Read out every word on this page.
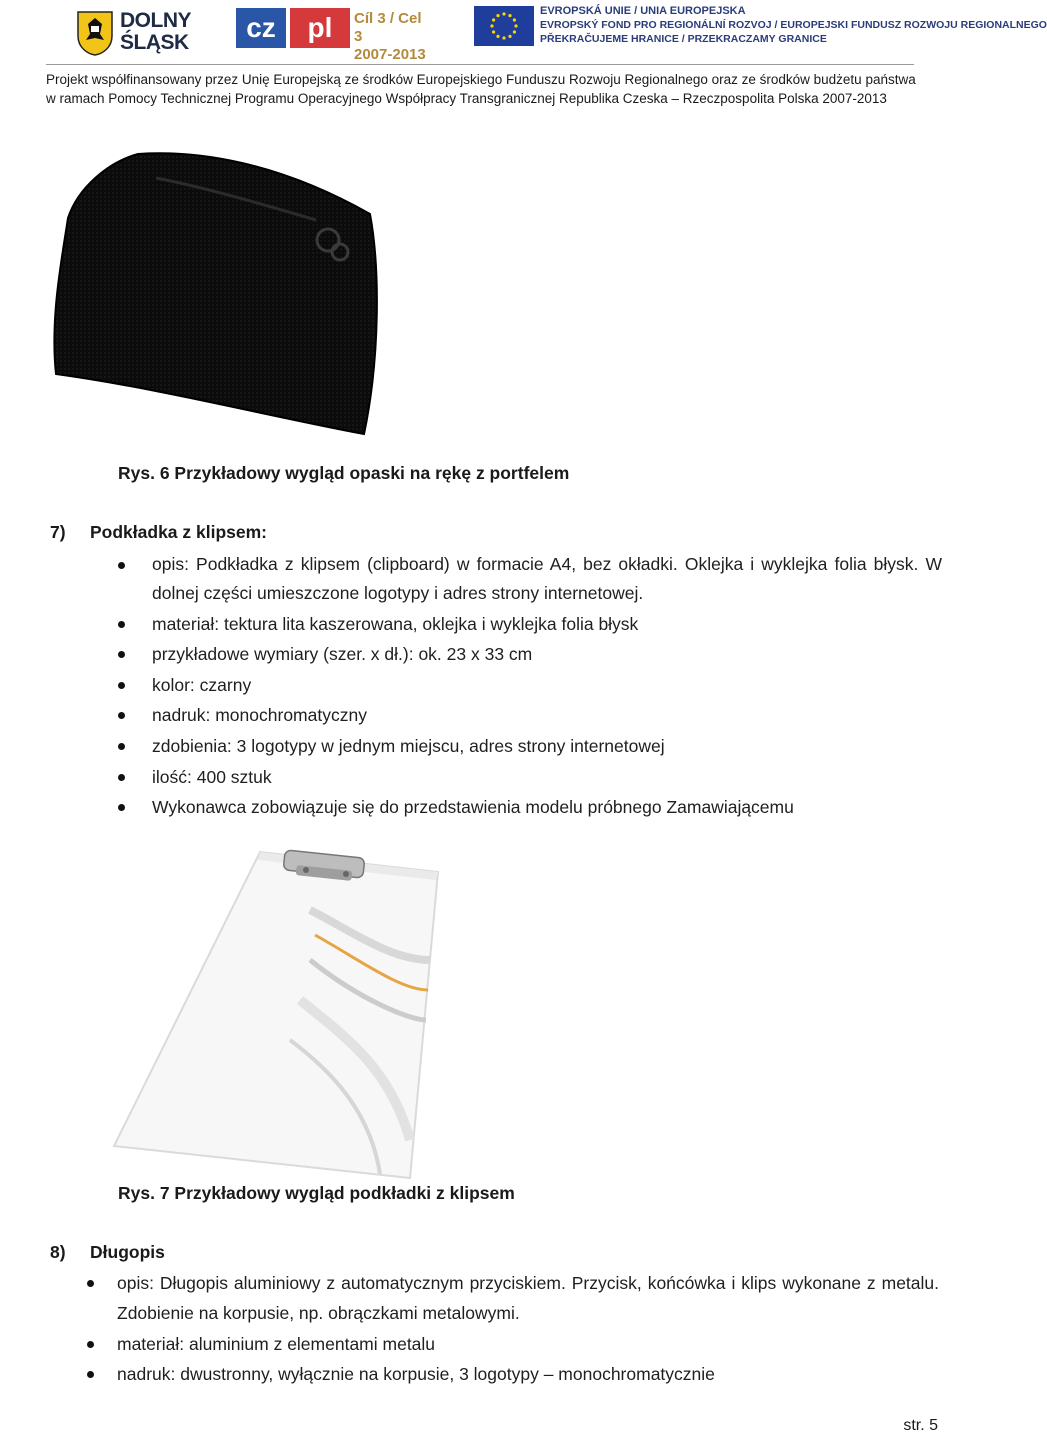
DOLNY ŚLĄSK	cz	pl	Cíl 3 / Cel 3
2007-2013
EVROPSKÁ UNIE / UNIA EUROPEJSKA
EVROPSKÝ FOND PRO REGIONÁLNÍ ROZVOJ / EUROPEJSKI FUNDUSZ ROZWOJU REGIONALNEGO
PŘEKRAČUJEME HRANICE / PRZEKRACZAMY GRANICE
Projekt współfinansowany przez Unię Europejską ze środków Europejskiego Funduszu Rozwoju Regionalnego oraz ze środków budżetu państwa
w ramach Pomocy Technicznej Programu Operacyjnego Współpracy Transgranicznej Republika Czeska – Rzeczpospolita Polska 2007-2013
Rys. 6 Przykładowy wygląd opaski na rękę z portfelem
7) Podkładka z klipsem:
opis: Podkładka z klipsem (clipboard) w formacie A4, bez okładki. Oklejka i wyklejka folia błysk. W dolnej części umieszczone logotypy i adres strony internetowej.
materiał: tektura lita kaszerowana, oklejka i wyklejka folia błysk
przykładowe wymiary (szer. x dł.): ok. 23 x 33 cm
kolor: czarny
nadruk: monochromatyczny
zdobienia: 3 logotypy w jednym miejscu, adres strony internetowej
ilość: 400 sztuk
Wykonawca zobowiązuje się do przedstawienia modelu próbnego Zamawiającemu
Rys. 7 Przykładowy wygląd podkładki z klipsem
8) Długopis
opis: Długopis aluminiowy z automatycznym przyciskiem. Przycisk, końcówka i klips wykonane z metalu. Zdobienie na korpusie, np. obrączkami metalowymi.
materiał: aluminium z elementami metalu
nadruk: dwustronny, wyłącznie na korpusie, 3 logotypy – monochromatycznie
str. 5
